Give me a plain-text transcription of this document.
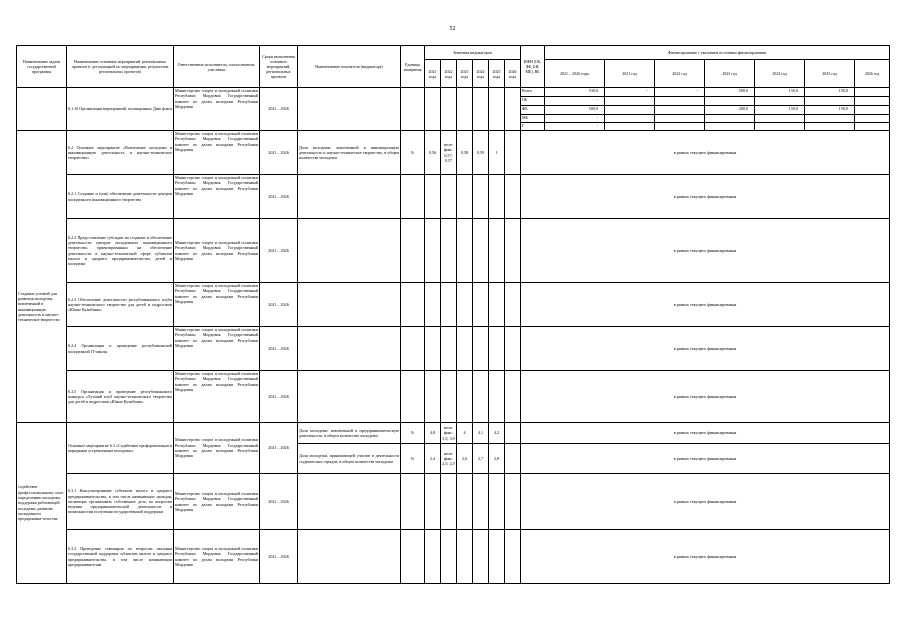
52
Наименование задачи государственной программы	Наименование основных мероприятий, региональных проектов (с детализацией по мероприятиям, результатам региональных проектов)	Ответственные исполнители, соисполнители, участники	Сроки выполнения основных мероприятий, региональных проектов	Наименование показателя (индикатора)	Единица измерения	Значения индикаторов						ИФН (ОБ, ФБ, БИ, МБ), ВБ	Финансирование с указанием источника финансирования						
						2021 года	2022 года	2023 года	2024 года	2025 года	2026 года		2021 – 2026 годы	2021 год	2022 год	2023 год	2024 год	2025 год	2026 год
	6.1.16 Организация мероприятий, посвященных Дню флага	Министерство спорта и молодежной политики Республики Мордовия Государственный комитет по делам молодежи Республики Мордовия	2021 – 2026									Всего	530,0	-	-	500,0	150,0	150,0	
												ОБ	-						
												ФБ	500,0			200,0	150,0	150,0	
												МБ	-						
												Г	-						
Создание условий для развития молодежи, вовлеченной в инновационную деятельность и научно-техническое творчество	6.2 Основное мероприятие «Вовлечение молодежи в инновационную деятельность и научно-техническое творчество»	Министерство спорта и молодежной политики Республики Мордовия Государственный комитет по делам молодежи Республики Мордовия	2021 – 2026	Доля молодежи, вовлеченной в инновационную деятельность и научно-техническое творчество, в общем количестве молодежи	%	0,56	неза-фикс. 0,57; 0,57	0,58	0,59	1		в рамках текущего финансирования							
	6.2.1 Создание и (или) обеспечение деятельности центров молодежного инновационного творчества	Министерство спорта и молодежной политики Республики Мордовия Государственный комитет по делам молодежи Республики Мордовия	2021 – 2026									в рамках текущего финансирования							
	6.2.2 Предоставление субсидии на создание и обеспечение деятельности центров молодежного инновационного творчества, ориентированных на обеспечение деятельности в научно-технической сфере субъектов малого и среднего предпринимательства, детей и молодежи	Министерство спорта и молодежной политики Республики Мордовия Государственный комитет по делам молодежи Республики Мордовия	2021 – 2026									в рамках текущего финансирования							
	6.2.3 Обеспечение деятельности республиканского клуба научно-технического творчества для детей и подростков «Юные Кулибины»	Министерство спорта и молодежной политики Республики Мордовия Государственный комитет по делам молодежи Республики Мордовия	2021 – 2026									в рамках текущего финансирования							
	6.2.4 Организация и проведение республиканской молодежной IT-школы	Министерство спорта и молодежной политики Республики Мордовия Государственный комитет по делам молодежи Республики Мордовия	2021 – 2026									в рамках текущего финансирования							
	6.2.5 Организация и проведение республиканского конкурса «Лучший клуб научно-технического творчества для детей и подростков «Юные Кулибины»	Министерство спорта и молодежной политики Республики Мордовия Государственный комитет по делам молодежи Республики Мордовия	2021 – 2026									в рамках текущего финансирования							
содействие профессиональному само-определению молодежи, поддержка работающей молодежи, развитие молодежного предпринима-тельства	Основное мероприятие 6.3 «Содействие профориентации и карьерным устремлениям молодежи»	Министерство спорта и молодежной политики Республики Мордовия Государственный комитет по делам молодежи Республики Мордовия	2021 – 2026	Доля молодежи, вовлеченной в предпринимательскую деятельность, в общем количестве молодежи	%	4,8	неза-фикс. 3,5; 3,9	4	4,1	4,2		в рамках текущего финансирования							
				Доля молодежи, принимающей участие в деятельности студенческих отрядов, в общем количестве молодежи	%	2,4	неза-фикс. 2,5; 2,5	2,6	2,7	2,8		в рамках текущего финансирования							
	6.3.1 Консультирование субъектов малого и среднего предпринимательства, в том числе начинающих граждан, желающих организовать собственное дело, по вопросам ведения предпринимательской деятельности и возможностям получения государственной поддержки	Министерство спорта и молодежной политики Республики Мордовия Государственный комитет по делам молодежи Республики Мордовия	2021 – 2026									в рамках текущего финансирования							
	6.3.2 Проведение семинаров по вопросам оказания государственной поддержки субъектам малого и среднего предпринимательства, в том числе начинающим предпринимателям	Министерство спорта и молодежной политики Республики Мордовия Государственный комитет по делам молодежи Республики Мордовия	2021 – 2026									в рамках текущего финансирования							
